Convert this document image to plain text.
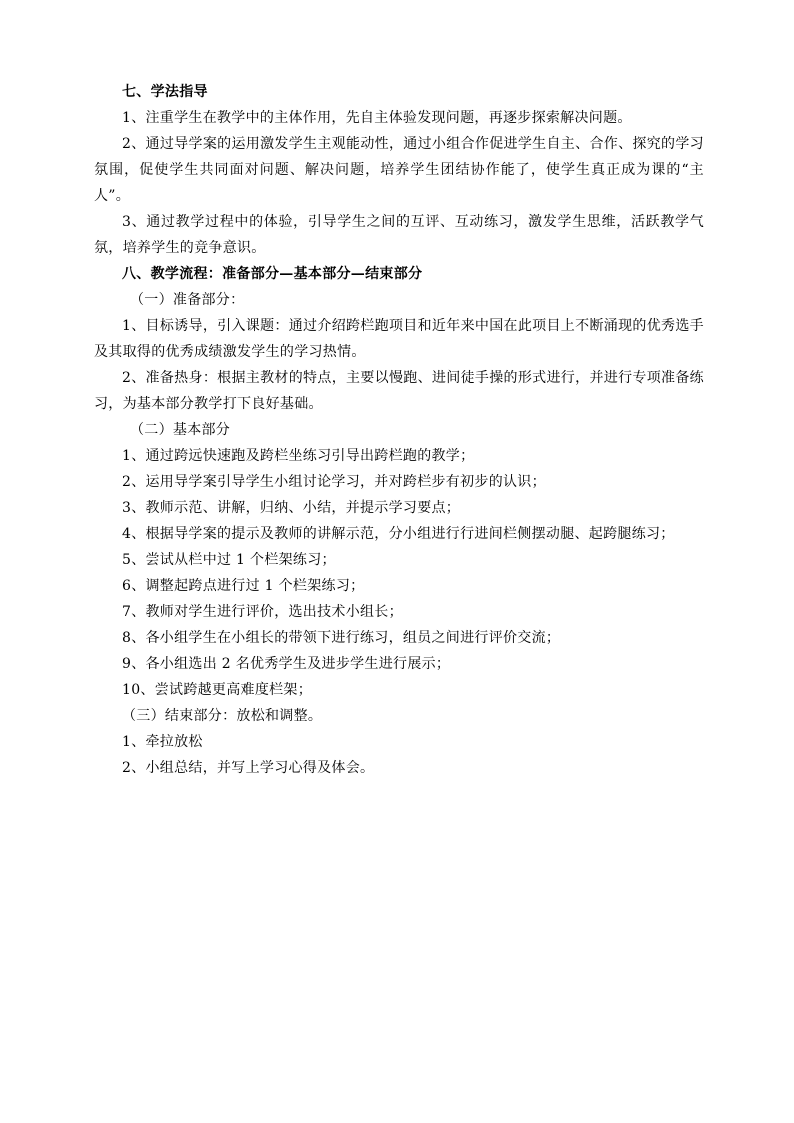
七、学法指导

1、注重学生在教学中的主体作用，先自主体验发现问题，再逐步探索解决问题。

2、通过导学案的运用激发学生主观能动性，通过小组合作促进学生自主、合作、探究的学习氛围，促使学生共同面对问题、解决问题，培养学生团结协作能了，使学生真正成为课的“主人”。

3、通过教学过程中的体验，引导学生之间的互评、互动练习，激发学生思维，活跃教学气氛，培养学生的竞争意识。

八、教学流程：准备部分—基本部分—结束部分

（一）准备部分：

1、目标诱导，引入课题：通过介绍跨栏跑项目和近年来中国在此项目上不断涌现的优秀选手及其取得的优秀成绩激发学生的学习热情。

2、准备热身：根据主教材的特点，主要以慢跑、进间徒手操的形式进行，并进行专项准备练习，为基本部分教学打下良好基础。

（二）基本部分

1、通过跨远快速跑及跨栏坐练习引导出跨栏跑的教学；

2、运用导学案引导学生小组讨论学习，并对跨栏步有初步的认识；

3、教师示范、讲解，归纳、小结，并提示学习要点；

4、根据导学案的提示及教师的讲解示范，分小组进行行进间栏侧摆动腿、起跨腿练习；

5、尝试从栏中过 1 个栏架练习；

6、调整起跨点进行过 1 个栏架练习；

7、教师对学生进行评价，选出技术小组长；

8、各小组学生在小组长的带领下进行练习，组员之间进行评价交流；

9、各小组选出 2 名优秀学生及进步学生进行展示；

10、尝试跨越更高难度栏架；

（三）结束部分：放松和调整。

1、牵拉放松

2、小组总结，并写上学习心得及体会。
